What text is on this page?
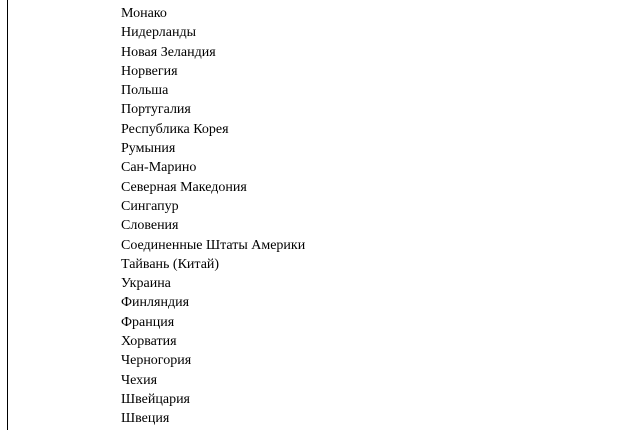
Монако
Нидерланды
Новая Зеландия
Норвегия
Польша
Португалия
Республика Корея
Румыния
Сан-Марино
Северная Македония
Сингапур
Словения
Соединенные Штаты Америки
Тайвань (Китай)
Украина
Финляндия
Франция
Хорватия
Черногория
Чехия
Швейцария
Швеция
